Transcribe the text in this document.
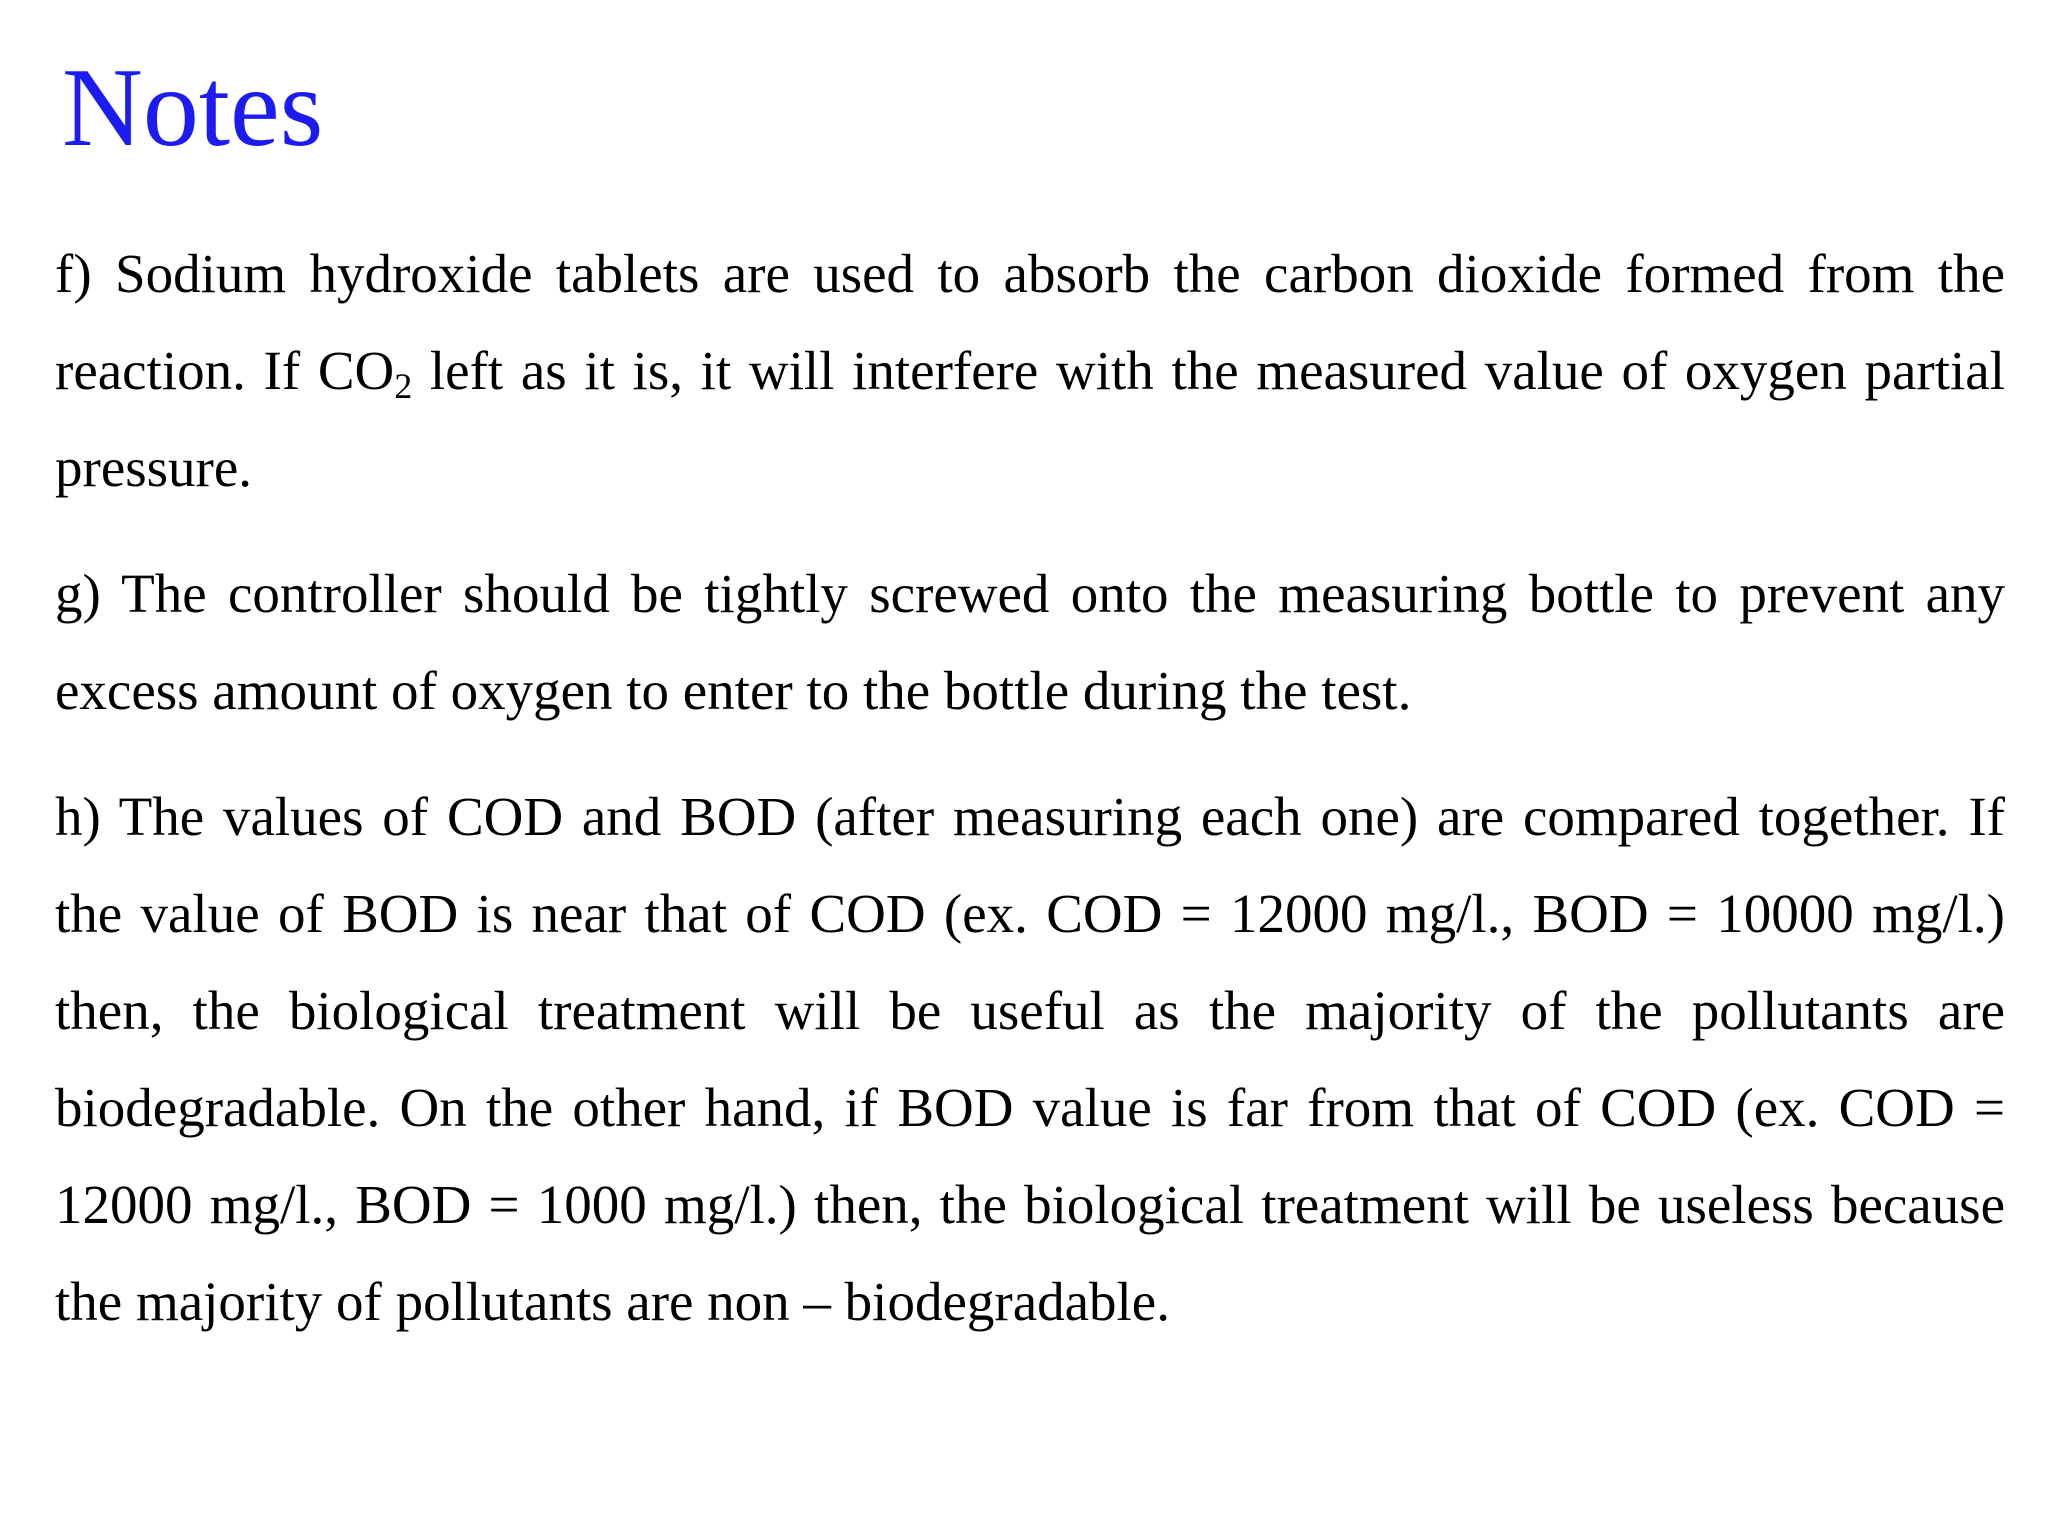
Notes

f) Sodium hydroxide tablets are used to absorb the carbon dioxide formed from the reaction. If $CO_2$ left as it is, it will interfere with the measured value of oxygen partial pressure.

g) The controller should be tightly screwed onto the measuring bottle to prevent any excess amount of oxygen to enter to the bottle during the test.

h) The values of COD and BOD (after measuring each one) are compared together. If the value of BOD is near that of COD (ex. COD = 12000 mg/l., BOD = 10000 mg/l.) then, the biological treatment will be useful as the majority of the pollutants are biodegradable. On the other hand, if BOD value is far from that of COD (ex. COD = 12000 mg/l., BOD = 1000 mg/l.) then, the biological treatment will be useless because the majority of pollutants are non – biodegradable.
